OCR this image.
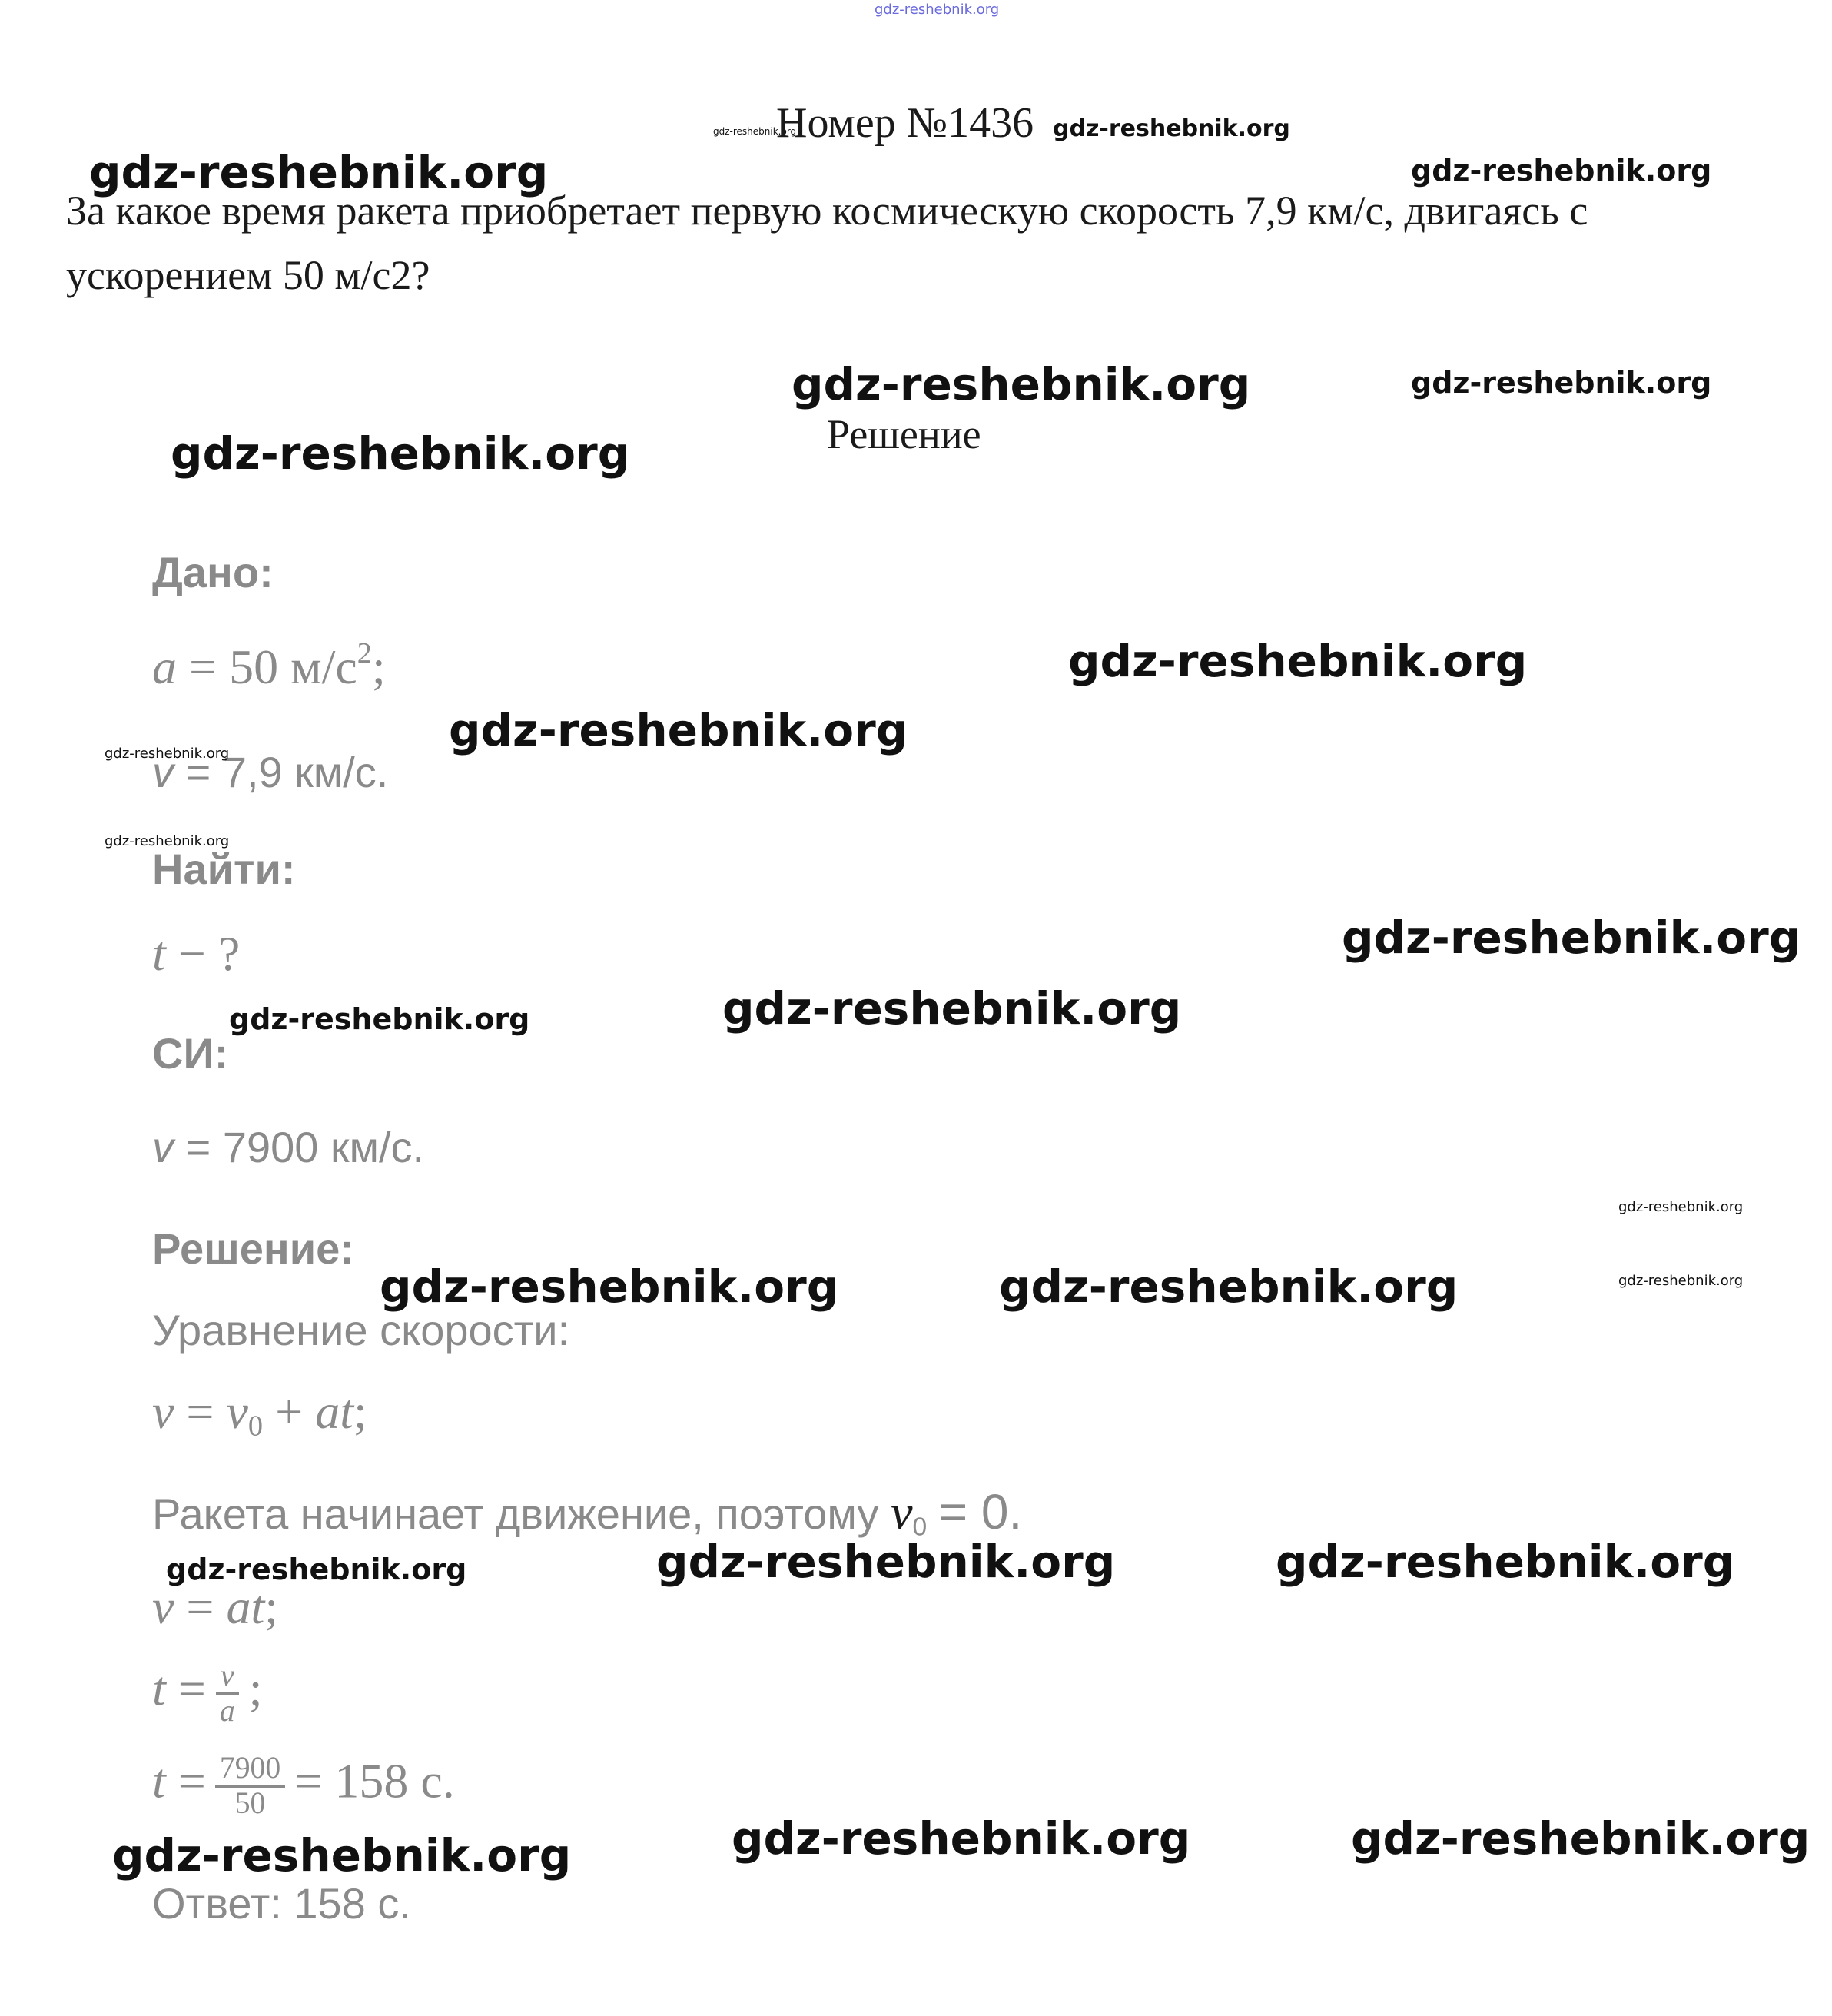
gdz-reshebnik.org
gdz-reshebnik.org
Номер №1436 gdz-reshebnik.org
За какое время ракета приобретает первую космическую скорость 7,9 км/с, двигаясь с ускорением 50 м/с2?
Решение
Дано:
a = 50 $м/с^2$;
v = 7,9 км/с.
Найти:
t − ?
СИ:
v = 7900 км/с.
Решение:
Уравнение скорости:
$v = v_0$ + at;
Ракета начинает движение, поэтому $v_0 = 0$.
v = at;
$t = \frac{v}{a}$ ;
$t = \frac{7900}{50} = 158$ с.
Ответ: 158 с.
gdz-reshebnik.org	gdz-reshebnik.org
gdz-reshebnik.org	gdz-reshebnik.org
gdz-reshebnik.org
gdz-reshebnik.org
gdz-reshebnik.org
gdz-reshebnik.org
gdz-reshebnik.org
gdz-reshebnik.org
gdz-reshebnik.org	gdz-reshebnik.org
gdz-reshebnik.org
gdz-reshebnik.org	gdz-reshebnik.org	gdz-reshebnik.org
gdz-reshebnik.org	gdz-reshebnik.org	gdz-reshebnik.org
gdz-reshebnik.org	gdz-reshebnik.org	gdz-reshebnik.org
